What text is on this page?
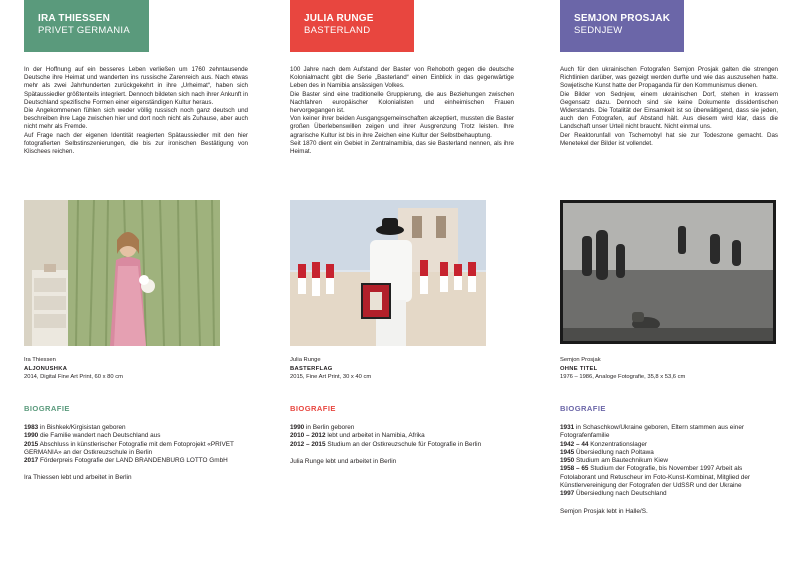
IRA THIESSEN
PRIVET GERMANIA
In der Hoffnung auf ein besseres Leben verließen um 1760 zehntausende Deutsche ihre Heimat und wanderten ins russische Zarenreich aus. Nach etwas mehr als zwei Jahrhunderten zurückgekehrt in ihre „Urheimat“, haben sich Spätaussiedler größtenteils integriert. Dennoch bildeten sich nach ihrer Ankunft in Deutschland spezifische Formen einer eigenständigen Kultur heraus.
Die Angekommenen fühlen sich weder völlig russisch noch ganz deutsch und beschreiben ihre Lage zwischen hier und dort noch nicht als Zuhause, aber auch nicht mehr als Fremde.
Auf Frage nach der eigenen Identität reagierten Spätaussiedler mit den hier fotografierten Selbstinszenierungen, die bis zur ironischen Bestätigung von Klischees reichen.
Ira Thiessen
ALJONUSHKA
2014, Digital Fine Art Print, 60 x 80 cm
BIOGRAFIE
1983 in Bishkek/Kirgisistan geboren
1990 die Familie wandert nach Deutschland aus
2015 Abschluss in künstlerischer Fotografie mit dem Fotoprojekt «PRIVET GERMANIA» an der Ostkreuzschule in Berlin
2017 Förderpreis Fotografie der LAND BRANDENBURG LOTTO GmbH
Ira Thiessen lebt und arbeitet in Berlin
JULIA RUNGE
BASTERLAND
100 Jahre nach dem Aufstand der Baster von Rehoboth gegen die deutsche Kolonialmacht gibt die Serie „Basterland“ einen Einblick in das gegenwärtige Leben des in Namibia ansässigen Volkes.
Die Baster sind eine traditionelle Gruppierung, die aus Beziehungen zwischen Nachfahren europäischer Kolonialisten und einheimischen Frauen hervorgegangen ist.
Von keiner ihrer beiden Ausgangsgemeinschaften akzeptiert, mussten die Baster großen Überlebenswillen zeigen und ihrer Ausgrenzung Trotz leisten. Ihre agrarische Kultur ist bis in ihre Zeichen eine Kultur der Selbstbehauptung.
Seit 1870 dient ein Gebiet in Zentralnamibia, das sie Basterland nennen, als ihre Heimat.
Julia Runge
BASTERFLAG
2015, Fine Art Print, 30 x 40 cm
BIOGRAFIE
1990 in Berlin geboren
2010 – 2012 lebt und arbeitet in Namibia, Afrika
2012 – 2015 Studium an der Ostkreuzschule für Fotografie in Berlin
Julia Runge lebt und arbeitet in Berlin
SEMJON PROSJAK
SEDNJEW
Auch für den ukrainischen Fotografen Semjon Prosjak galten die strengen Richtlinien darüber, was gezeigt werden durfte und wie das auszusehen hatte. Sowjetische Kunst hatte der Propaganda für den Kommunismus dienen.
Die Bilder von Sednjew, einem ukrainischen Dorf, stehen in krassem Gegensatz dazu. Dennoch sind sie keine Dokumente dissidentischen Widerstands. Die Totalität der Einsamkeit ist so überwältigend, dass sie jeden, auch den Fotografen, auf Abstand hält. Aus diesem wird klar, dass die Landschaft unser Urteil nicht braucht. Nicht einmal uns.
Der Reaktorunfall von Tschernobyl hat sie zur Todeszone gemacht. Das Menetekel der Bilder ist vollendet.
Semjon Prosjak
OHNE TITEL
1976 – 1986, Analoge Fotografie, 35,8 x 53,6 cm
BIOGRAFIE
1931 in Schaschkow/Ukraine geboren, Eltern stammen aus einer Fotografenfamilie
1942 – 44 Konzentrationslager
1945 Übersiedlung nach Poltawa
1950 Studium am Bautechnikum Kiew
1958 – 65 Studium der Fotografie, bis November 1997 Arbeit als Fotolaborant und Retuscheur im Foto-Kunst-Kombinat, Mitglied der Künstlervereinigung der Fotografen der UdSSR und der Ukraine
1997 Übersiedlung nach Deutschland
Semjon Prosjak lebt in Halle/S.
